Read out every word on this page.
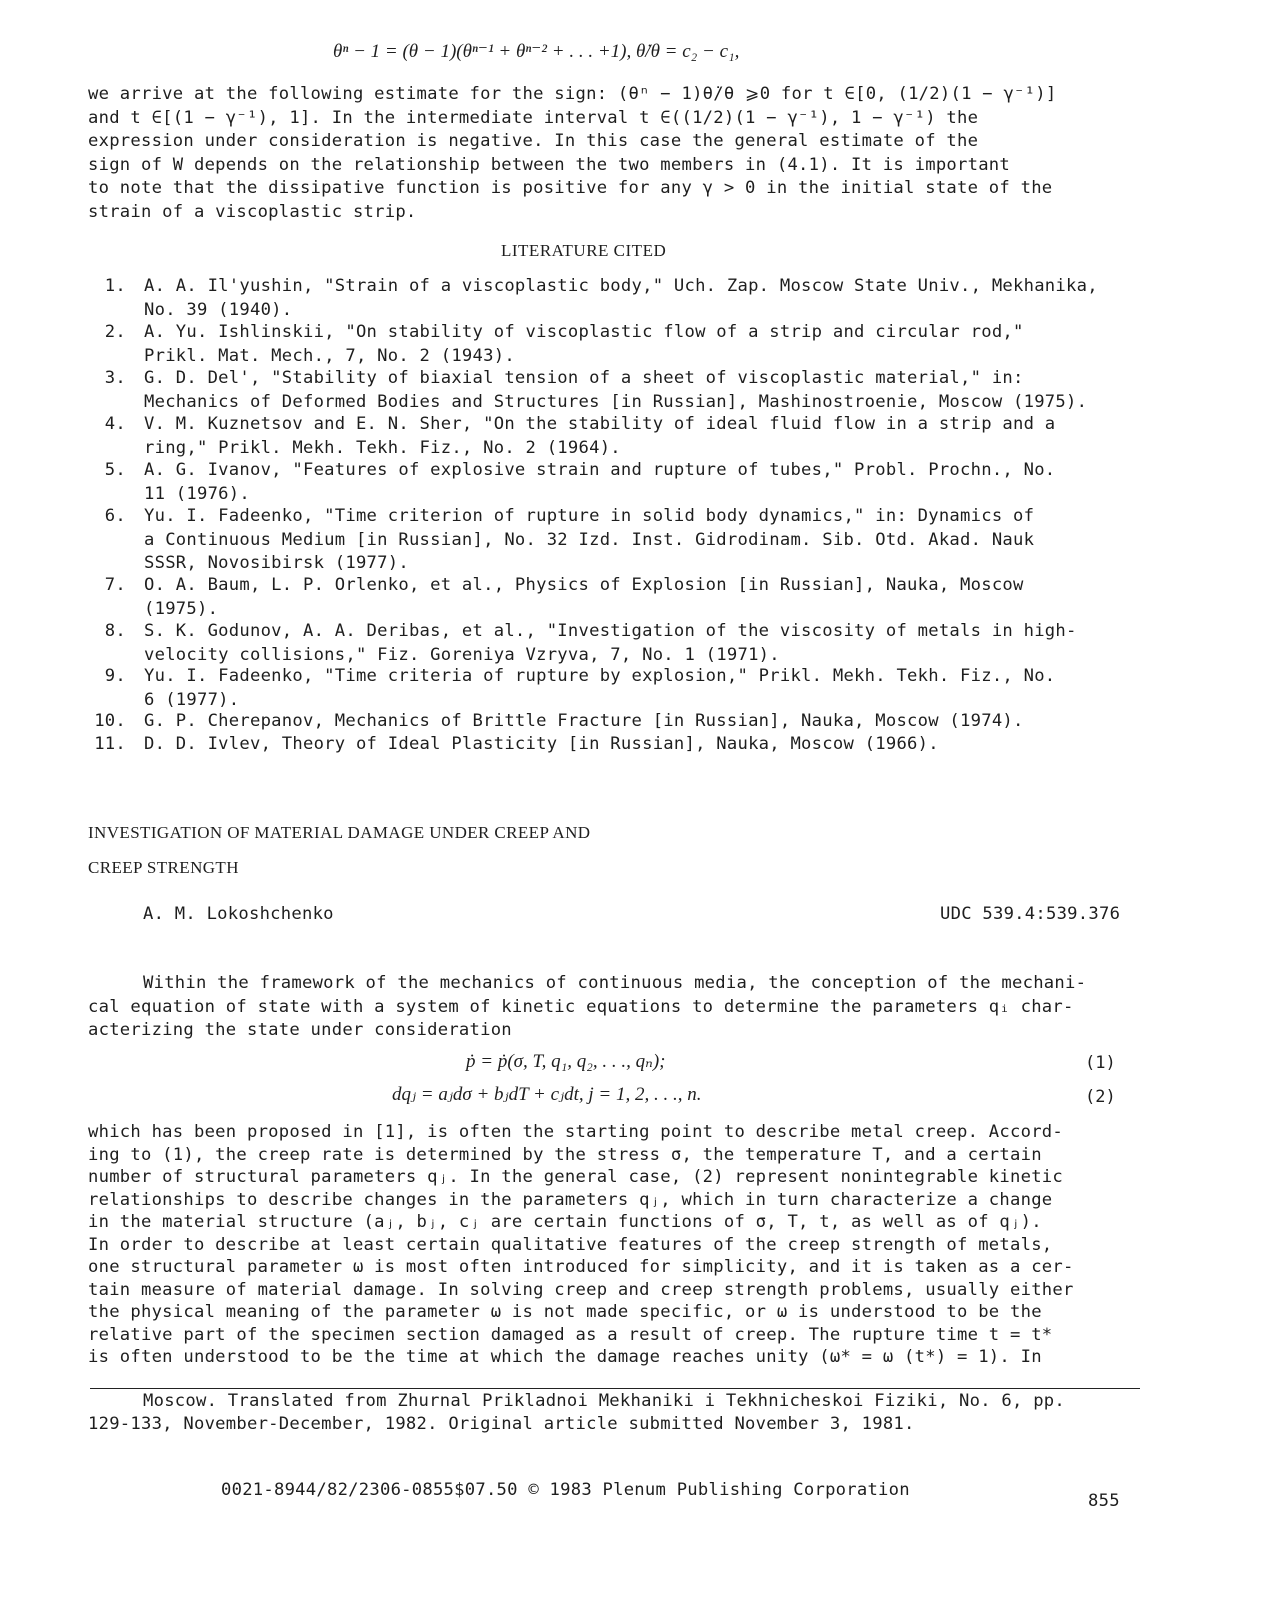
θⁿ − 1 = (θ − 1)(θⁿ⁻¹ + θⁿ⁻² + . . . +1), θ̇/θ = c₂ − c₁,
we arrive at the following estimate for the sign: (θⁿ − 1)θ̇/θ ⩾0 for t ∈[0, (1/2)(1 − γ⁻¹)]
and t ∈[(1 − γ⁻¹), 1]. In the intermediate interval t ∈((1/2)(1 − γ⁻¹), 1 − γ⁻¹) the
expression under consideration is negative. In this case the general estimate of the
sign of W depends on the relationship between the two members in (4.1). It is important
to note that the dissipative function is positive for any γ > 0 in the initial state of the
strain of a viscoplastic strip.
LITERATURE CITED
1. A. A. Il'yushin, "Strain of a viscoplastic body," Uch. Zap. Moscow State Univ., Mekhanika,
No. 39 (1940).
2. A. Yu. Ishlinskii, "On stability of viscoplastic flow of a strip and circular rod,"
Prikl. Mat. Mech., 7, No. 2 (1943).
3. G. D. Del', "Stability of biaxial tension of a sheet of viscoplastic material," in:
Mechanics of Deformed Bodies and Structures [in Russian], Mashinostroenie, Moscow (1975).
4. V. M. Kuznetsov and E. N. Sher, "On the stability of ideal fluid flow in a strip and a
ring," Prikl. Mekh. Tekh. Fiz., No. 2 (1964).
5. A. G. Ivanov, "Features of explosive strain and rupture of tubes," Probl. Prochn., No.
11 (1976).
6. Yu. I. Fadeenko, "Time criterion of rupture in solid body dynamics," in: Dynamics of
a Continuous Medium [in Russian], No. 32 Izd. Inst. Gidrodinam. Sib. Otd. Akad. Nauk
SSSR, Novosibirsk (1977).
7. O. A. Baum, L. P. Orlenko, et al., Physics of Explosion [in Russian], Nauka, Moscow
(1975).
8. S. K. Godunov, A. A. Deribas, et al., "Investigation of the viscosity of metals in high-
velocity collisions," Fiz. Goreniya Vzryva, 7, No. 1 (1971).
9. Yu. I. Fadeenko, "Time criteria of rupture by explosion," Prikl. Mekh. Tekh. Fiz., No.
6 (1977).
10. G. P. Cherepanov, Mechanics of Brittle Fracture [in Russian], Nauka, Moscow (1974).
11. D. D. Ivlev, Theory of Ideal Plasticity [in Russian], Nauka, Moscow (1966).
INVESTIGATION OF MATERIAL DAMAGE UNDER CREEP AND
CREEP STRENGTH
A. M. Lokoshchenko	UDC 539.4:539.376
Within the framework of the mechanics of continuous media, the conception of the mechani-
cal equation of state with a system of kinetic equations to determine the parameters qᵢ char-
acterizing the state under consideration
ṗ = ṗ(σ, T, q₁, q₂, . . ., qₙ);	(1)
dqⱼ = aⱼdσ + bⱼdT + cⱼdt, j = 1, 2, . . ., n.	(2)
which has been proposed in [1], is often the starting point to describe metal creep. Accord-
ing to (1), the creep rate is determined by the stress σ, the temperature T, and a certain
number of structural parameters qⱼ. In the general case, (2) represent nonintegrable kinetic
relationships to describe changes in the parameters qⱼ, which in turn characterize a change
in the material structure (aⱼ, bⱼ, cⱼ are certain functions of σ, T, t, as well as of qⱼ).
In order to describe at least certain qualitative features of the creep strength of metals,
one structural parameter ω is most often introduced for simplicity, and it is taken as a cer-
tain measure of material damage. In solving creep and creep strength problems, usually either
the physical meaning of the parameter ω is not made specific, or ω is understood to be the
relative part of the specimen section damaged as a result of creep. The rupture time t = t*
is often understood to be the time at which the damage reaches unity (ω* = ω (t*) = 1). In
Moscow. Translated from Zhurnal Prikladnoi Mekhaniki i Tekhnicheskoi Fiziki, No. 6, pp.
129-133, November-December, 1982. Original article submitted November 3, 1981.
0021-8944/82/2306-0855$07.50 © 1983 Plenum Publishing Corporation
855
